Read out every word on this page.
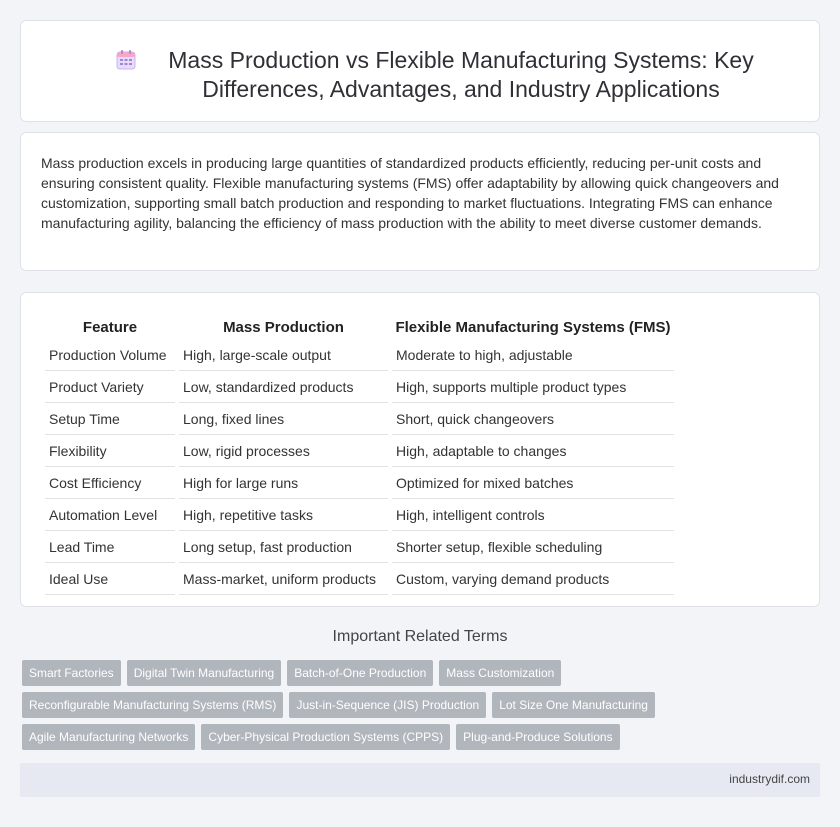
Mass Production vs Flexible Manufacturing Systems: Key Differences, Advantages, and Industry Applications

Mass production excels in producing large quantities of standardized products efficiently, reducing per-unit costs and ensuring consistent quality. Flexible manufacturing systems (FMS) offer adaptability by allowing quick changeovers and customization, supporting small batch production and responding to market fluctuations. Integrating FMS can enhance manufacturing agility, balancing the efficiency of mass production with the ability to meet diverse customer demands.

Feature	Mass Production	Flexible Manufacturing Systems (FMS)
Production Volume	High, large-scale output	Moderate to high, adjustable
Product Variety	Low, standardized products	High, supports multiple product types
Setup Time	Long, fixed lines	Short, quick changeovers
Flexibility	Low, rigid processes	High, adaptable to changes
Cost Efficiency	High for large runs	Optimized for mixed batches
Automation Level	High, repetitive tasks	High, intelligent controls
Lead Time	Long setup, fast production	Shorter setup, flexible scheduling
Ideal Use	Mass-market, uniform products	Custom, varying demand products
Important Related Terms
Smart Factories	Digital Twin Manufacturing	Batch-of-One Production	Mass Customization
Reconfigurable Manufacturing Systems (RMS)	Just-in-Sequence (JIS) Production	Lot Size One Manufacturing
Agile Manufacturing Networks	Cyber-Physical Production Systems (CPPS)	Plug-and-Produce Solutions
industrydif.com
